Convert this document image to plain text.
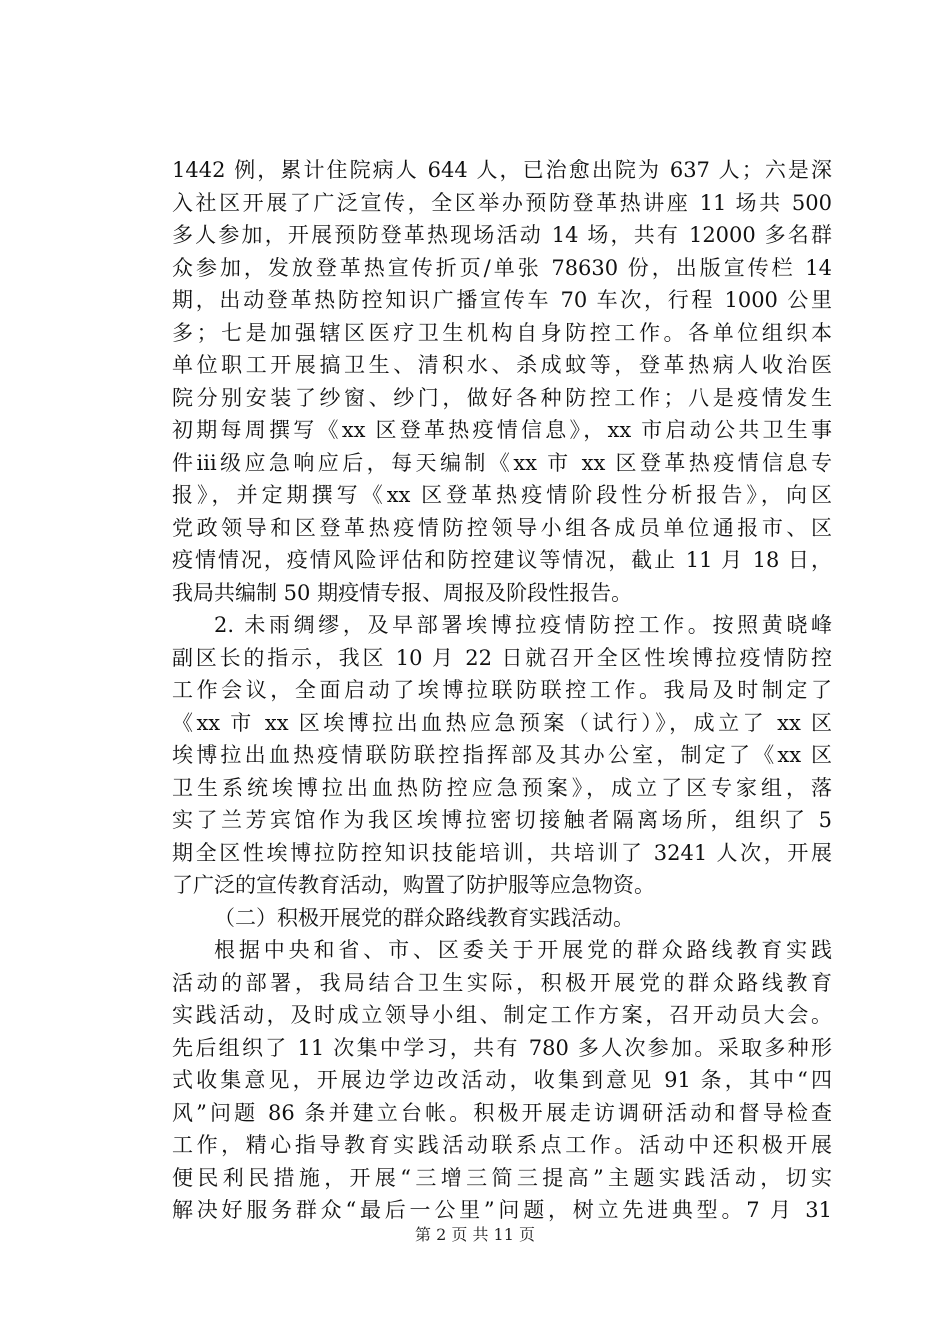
1442 例，累计住院病人 644 人，已治愈出院为 637 人；六是深
入社区开展了广泛宣传，全区举办预防登革热讲座 11 场共 500
多人参加，开展预防登革热现场活动 14 场，共有 12000 多名群
众参加，发放登革热宣传折页/单张 78630 份，出版宣传栏 14
期，出动登革热防控知识广播宣传车 70 车次，行程 1000 公里
多；七是加强辖区医疗卫生机构自身防控工作。各单位组织本
单位职工开展搞卫生、清积水、杀成蚊等，登革热病人收治医
院分别安装了纱窗、纱门，做好各种防控工作；八是疫情发生
初期每周撰写《xx 区登革热疫情信息》，xx 市启动公共卫生事
件ⅲ级应急响应后，每天编制《xx 市 xx 区登革热疫情信息专
报》，并定期撰写《xx 区登革热疫情阶段性分析报告》，向区
党政领导和区登革热疫情防控领导小组各成员单位通报市、区
疫情情况，疫情风险评估和防控建议等情况，截止 11 月 18 日，
我局共编制 50 期疫情专报、周报及阶段性报告。
2. 未雨绸缪，及早部署埃博拉疫情防控工作。按照黄晓峰
副区长的指示，我区 10 月 22 日就召开全区性埃博拉疫情防控
工作会议，全面启动了埃博拉联防联控工作。我局及时制定了
《xx 市 xx 区埃博拉出血热应急预案（试行）》，成立了 xx 区
埃博拉出血热疫情联防联控指挥部及其办公室，制定了《xx 区
卫生系统埃博拉出血热防控应急预案》，成立了区专家组，落
实了兰芳宾馆作为我区埃博拉密切接触者隔离场所，组织了 5
期全区性埃博拉防控知识技能培训，共培训了 3241 人次，开展
了广泛的宣传教育活动，购置了防护服等应急物资。
（二）积极开展党的群众路线教育实践活动。
根据中央和省、市、区委关于开展党的群众路线教育实践
活动的部署，我局结合卫生实际，积极开展党的群众路线教育
实践活动，及时成立领导小组、制定工作方案，召开动员大会。
先后组织了 11 次集中学习，共有 780 多人次参加。采取多种形
式收集意见，开展边学边改活动，收集到意见 91 条，其中“四
风”问题 86 条并建立台帐。积极开展走访调研活动和督导检查
工作，精心指导教育实践活动联系点工作。活动中还积极开展
便民利民措施，开展“三增三简三提高”主题实践活动，切实
解决好服务群众“最后一公里”问题，树立先进典型。7 月 31
第 2 页 共 11 页
